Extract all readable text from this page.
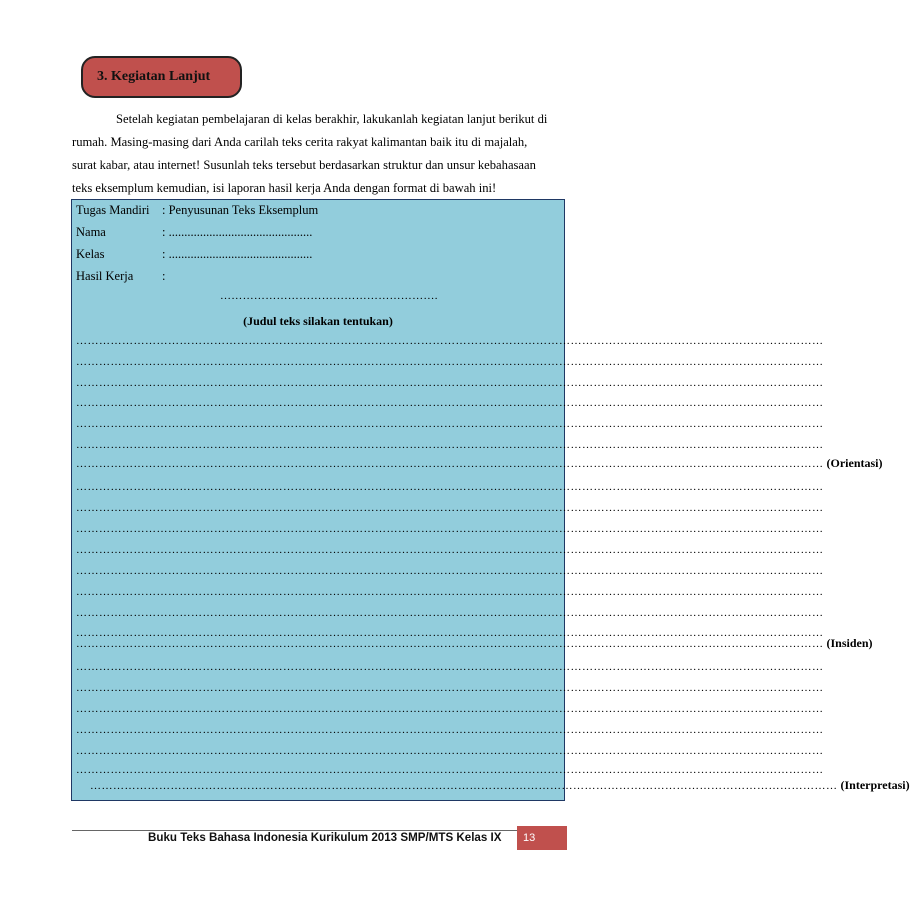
3. Kegiatan Lanjut
Setelah kegiatan pembelajaran di kelas berakhir, lakukanlah kegiatan lanjut berikut di
rumah. Masing-masing dari Anda carilah teks cerita rakyat kalimantan baik itu di majalah,
surat kabar, atau internet! Susunlah teks tersebut berdasarkan struktur dan unsur kebahasaan
teks eksemplum kemudian, isi laporan hasil kerja Anda dengan format di bawah ini!
Tugas Mandiri : Penyusunan Teks Eksemplum
Nama	: ..............................................
Kelas	: ..............................................
Hasil Kerja :
………………………………………………….
(Judul teks silakan tentukan)
……………………………………………………………………………………………………………………………………………………………………………
……………………………………………………………………………………………………………………………………………………………………………
……………………………………………………………………………………………………………………………………………………………………………
……………………………………………………………………………………………………………………………………………………………………………
……………………………………………………………………………………………………………………………………………………………………………
……………………………………………………………………………………………………………………………………………………………………………
…………………………………………………………………………………………………………………………………………………………………………… (Orientasi)
……………………………………………………………………………………………………………………………………………………………………………
……………………………………………………………………………………………………………………………………………………………………………
……………………………………………………………………………………………………………………………………………………………………………
……………………………………………………………………………………………………………………………………………………………………………
……………………………………………………………………………………………………………………………………………………………………………
……………………………………………………………………………………………………………………………………………………………………………
……………………………………………………………………………………………………………………………………………………………………………
……………………………………………………………………………………………………………………………………………………………………………
…………………………………………………………………………………………………………………………………………………………………………… (Insiden)
……………………………………………………………………………………………………………………………………………………………………………
……………………………………………………………………………………………………………………………………………………………………………
……………………………………………………………………………………………………………………………………………………………………………
……………………………………………………………………………………………………………………………………………………………………………
……………………………………………………………………………………………………………………………………………………………………………
……………………………………………………………………………………………………………………………………………………………………………
…………………………………………………………………………………………………………………………………………………………………………… (Interpretasi)
Buku Teks Bahasa Indonesia Kurikulum 2013 SMP/MTS Kelas IX	13
